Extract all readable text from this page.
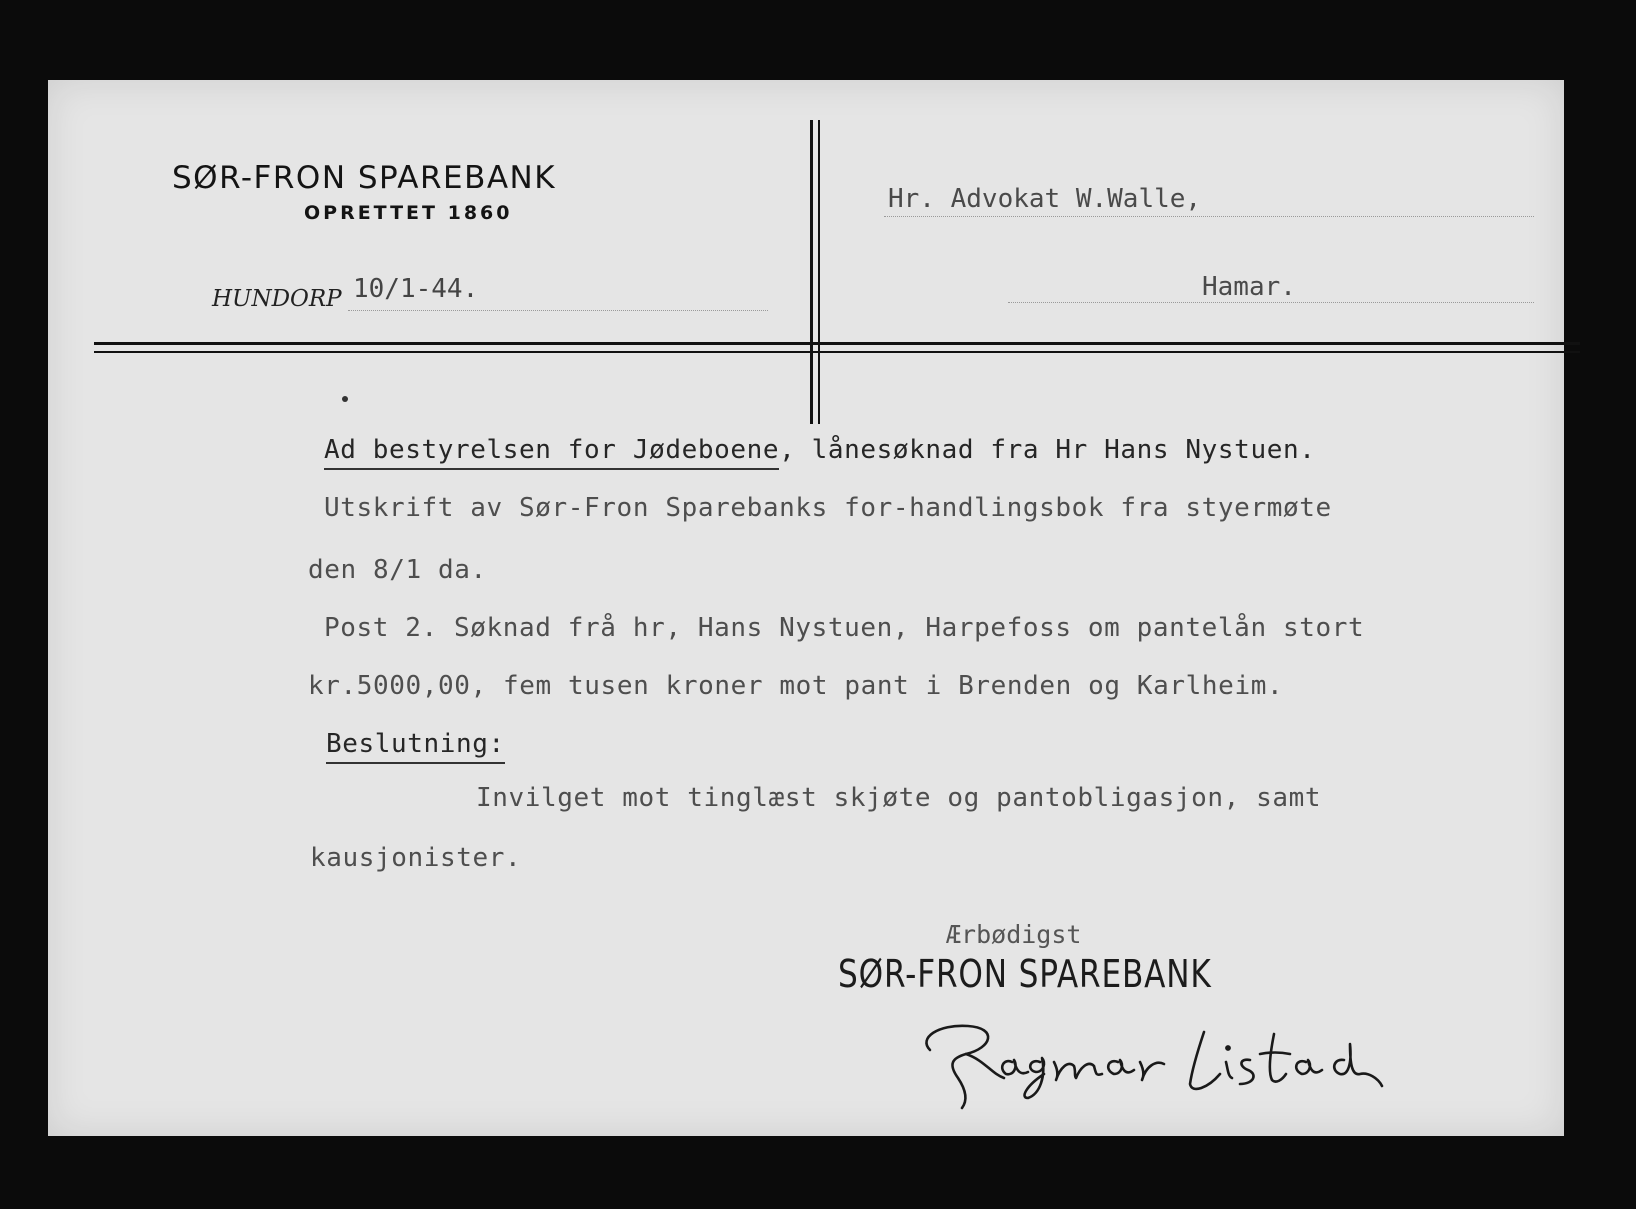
SØR-FRON SPAREBANK
OPRETTET 1860
HUNDORP 10/1-44.
Hr. Advokat W.Walle,
Hamar.
Ad bestyrelsen for Jødeboene, lånesøknad fra Hr Hans Nystuen.
Utskrift av Sør-Fron Sparebanks for-handlingsbok fra styermøte
den 8/1 da.
Post 2. Søknad frå hr, Hans Nystuen, Harpefoss om pantelån stort
kr.5000,00, fem tusen kroner mot pant i Brenden og Karlheim.
Beslutning:
Invilget mot tinglæst skjøte og pantobligasjon, samt
kausjonister.
Ærbødigst
SØR-FRON SPAREBANK
